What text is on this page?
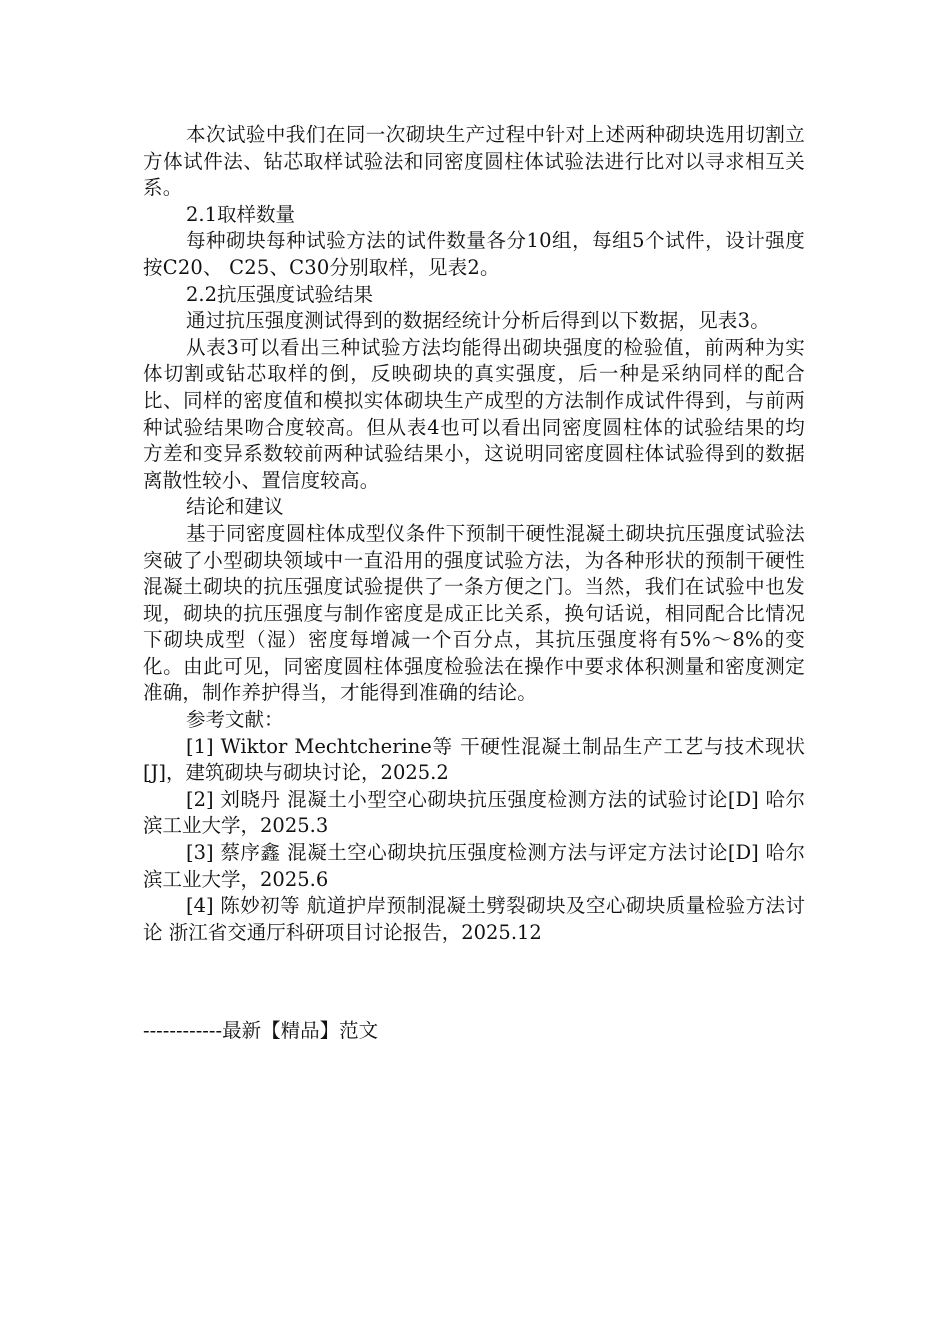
本次试验中我们在同一次砌块生产过程中针对上述两种砌块选用切割立方体试件法、钻芯取样试验法和同密度圆柱体试验法进行比对以寻求相互关系。

2.1取样数量

每种砌块每种试验方法的试件数量各分10组，每组5个试件，设计强度按C20、 C25、C30分别取样，见表2。

2.2抗压强度试验结果

通过抗压强度测试得到的数据经统计分析后得到以下数据，见表3。

从表3可以看出三种试验方法均能得出砌块强度的检验值，前两种为实体切割或钻芯取样的倒，反映砌块的真实强度，后一种是采纳同样的配合比、同样的密度值和模拟实体砌块生产成型的方法制作成试件得到，与前两种试验结果吻合度较高。但从表4也可以看出同密度圆柱体的试验结果的均方差和变异系数较前两种试验结果小，这说明同密度圆柱体试验得到的数据离散性较小、置信度较高。

结论和建议

基于同密度圆柱体成型仪条件下预制干硬性混凝土砌块抗压强度试验法突破了小型砌块领域中一直沿用的强度试验方法，为各种形状的预制干硬性混凝土砌块的抗压强度试验提供了一条方便之门。当然，我们在试验中也发现，砌块的抗压强度与制作密度是成正比关系，换句话说，相同配合比情况下砌块成型（湿）密度每增减一个百分点，其抗压强度将有5%～8%的变化。由此可见，同密度圆柱体强度检验法在操作中要求体积测量和密度测定准确，制作养护得当，才能得到准确的结论。

参考文献：

[1] Wiktor Mechtcherine等 干硬性混凝土制品生产工艺与技术现状[J]，建筑砌块与砌块讨论，2025.2

[2] 刘晓丹 混凝土小型空心砌块抗压强度检测方法的试验讨论[D] 哈尔滨工业大学，2025.3

[3] 蔡序鑫 混凝土空心砌块抗压强度检测方法与评定方法讨论[D] 哈尔滨工业大学，2025.6

[4] 陈妙初等 航道护岸预制混凝土劈裂砌块及空心砌块质量检验方法讨论 浙江省交通厅科研项目讨论报告，2025.12

------------最新【精品】范文
